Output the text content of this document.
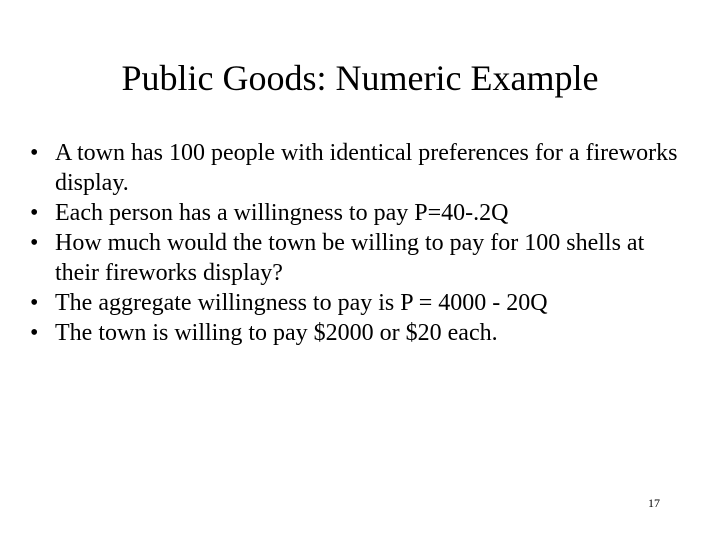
Public Goods: Numeric Example
• A town has 100 people with identical preferences for a fireworks display.
• Each person has a willingness to pay P=40-.2Q
• How much would the town be willing to pay for 100 shells at their fireworks display?
• The aggregate willingness to pay is P = 4000 - 20Q
• The town is willing to pay $2000 or $20 each.
17
